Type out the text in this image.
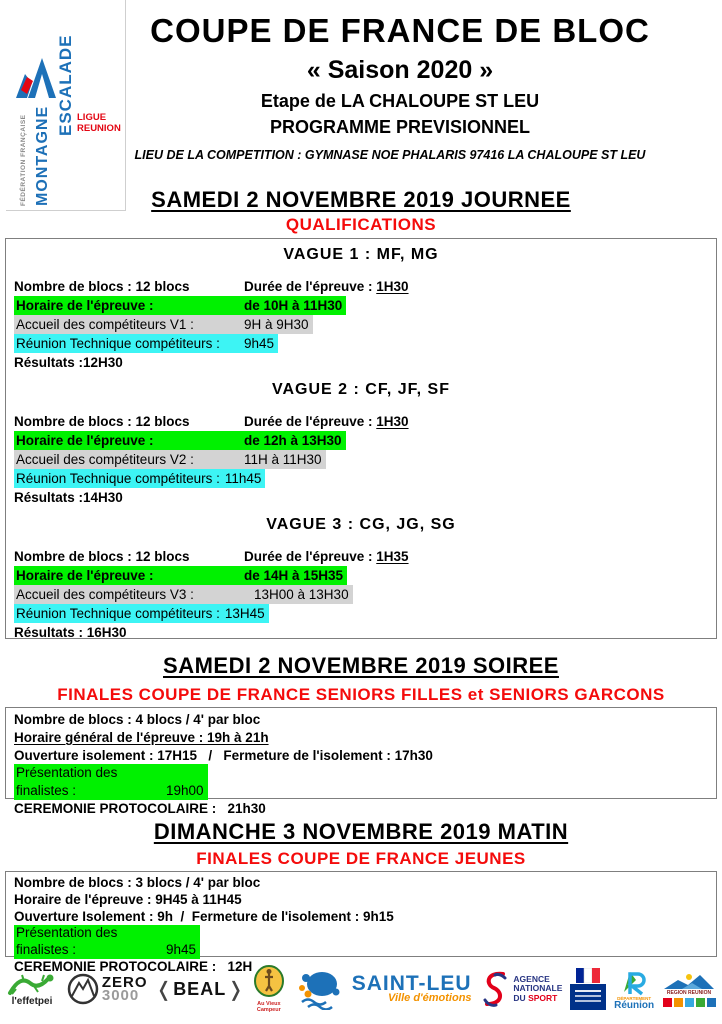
ESCALADE
MONTAGNE
FÉDÉRATION FRANÇAISE	LIGUE
REUNION
COUPE DE FRANCE DE BLOC
« Saison 2020 »
Etape de LA CHALOUPE ST LEU
PROGRAMME PREVISIONNEL
LIEU DE LA COMPETITION : GYMNASE NOE PHALARIS 97416 LA CHALOUPE ST LEU
SAMEDI 2 NOVEMBRE 2019 JOURNEE
QUALIFICATIONS
VAGUE 1 : MF, MG
Nombre de blocs : 12 blocs	Durée de l'épreuve : 1H30
Horaire de l'épreuve :	de 10H à 11H30
Accueil des compétiteurs V1 :	9H à 9H30
Réunion Technique compétiteurs : 9h45
Résultats :12H30
VAGUE 2 : CF, JF, SF
Nombre de blocs : 12 blocs	Durée de l'épreuve : 1H30
Horaire de l'épreuve :	de 12h à 13H30
Accueil des compétiteurs V2 :	11H à 11H30
Réunion Technique compétiteurs : 11h45
Résultats :14H30
VAGUE 3 : CG, JG, SG
Nombre de blocs : 12 blocs	Durée de l'épreuve : 1H35
Horaire de l'épreuve :	de 14H à 15H35
Accueil des compétiteurs V3 :	13H00 à 13H30
Réunion Technique compétiteurs : 13H45
Résultats : 16H30
SAMEDI 2 NOVEMBRE 2019 SOIREE
FINALES COUPE DE FRANCE SENIORS FILLES et SENIORS GARCONS
Nombre de blocs : 4 blocs / 4' par bloc
Horaire général de l'épreuve : 19h à 21h
Ouverture isolement : 17H15   /   Fermeture de l'isolement : 17h30
Présentation des finalistes :	19h00
CEREMONIE PROTOCOLAIRE :   21h30
DIMANCHE 3 NOVEMBRE 2019 MATIN
FINALES COUPE DE FRANCE JEUNES
Nombre de blocs : 3 blocs / 4' par bloc
Horaire de l'épreuve : 9H45 à 11H45
Ouverture Isolement : 9h  /  Fermeture de l'isolement : 9h15
Présentation des finalistes :	9h45
CEREMONIE PROTOCOLAIRE :   12H
l'effetpei
ZERO
3000 ❬ BEAL ❭
Au Vieux
Campeur
SAINT-LEU
Ville d'émotions
AGENCE
NATIONALE
DU SPORT	DÉPARTEMENT
Réunion
REGION REUNION
